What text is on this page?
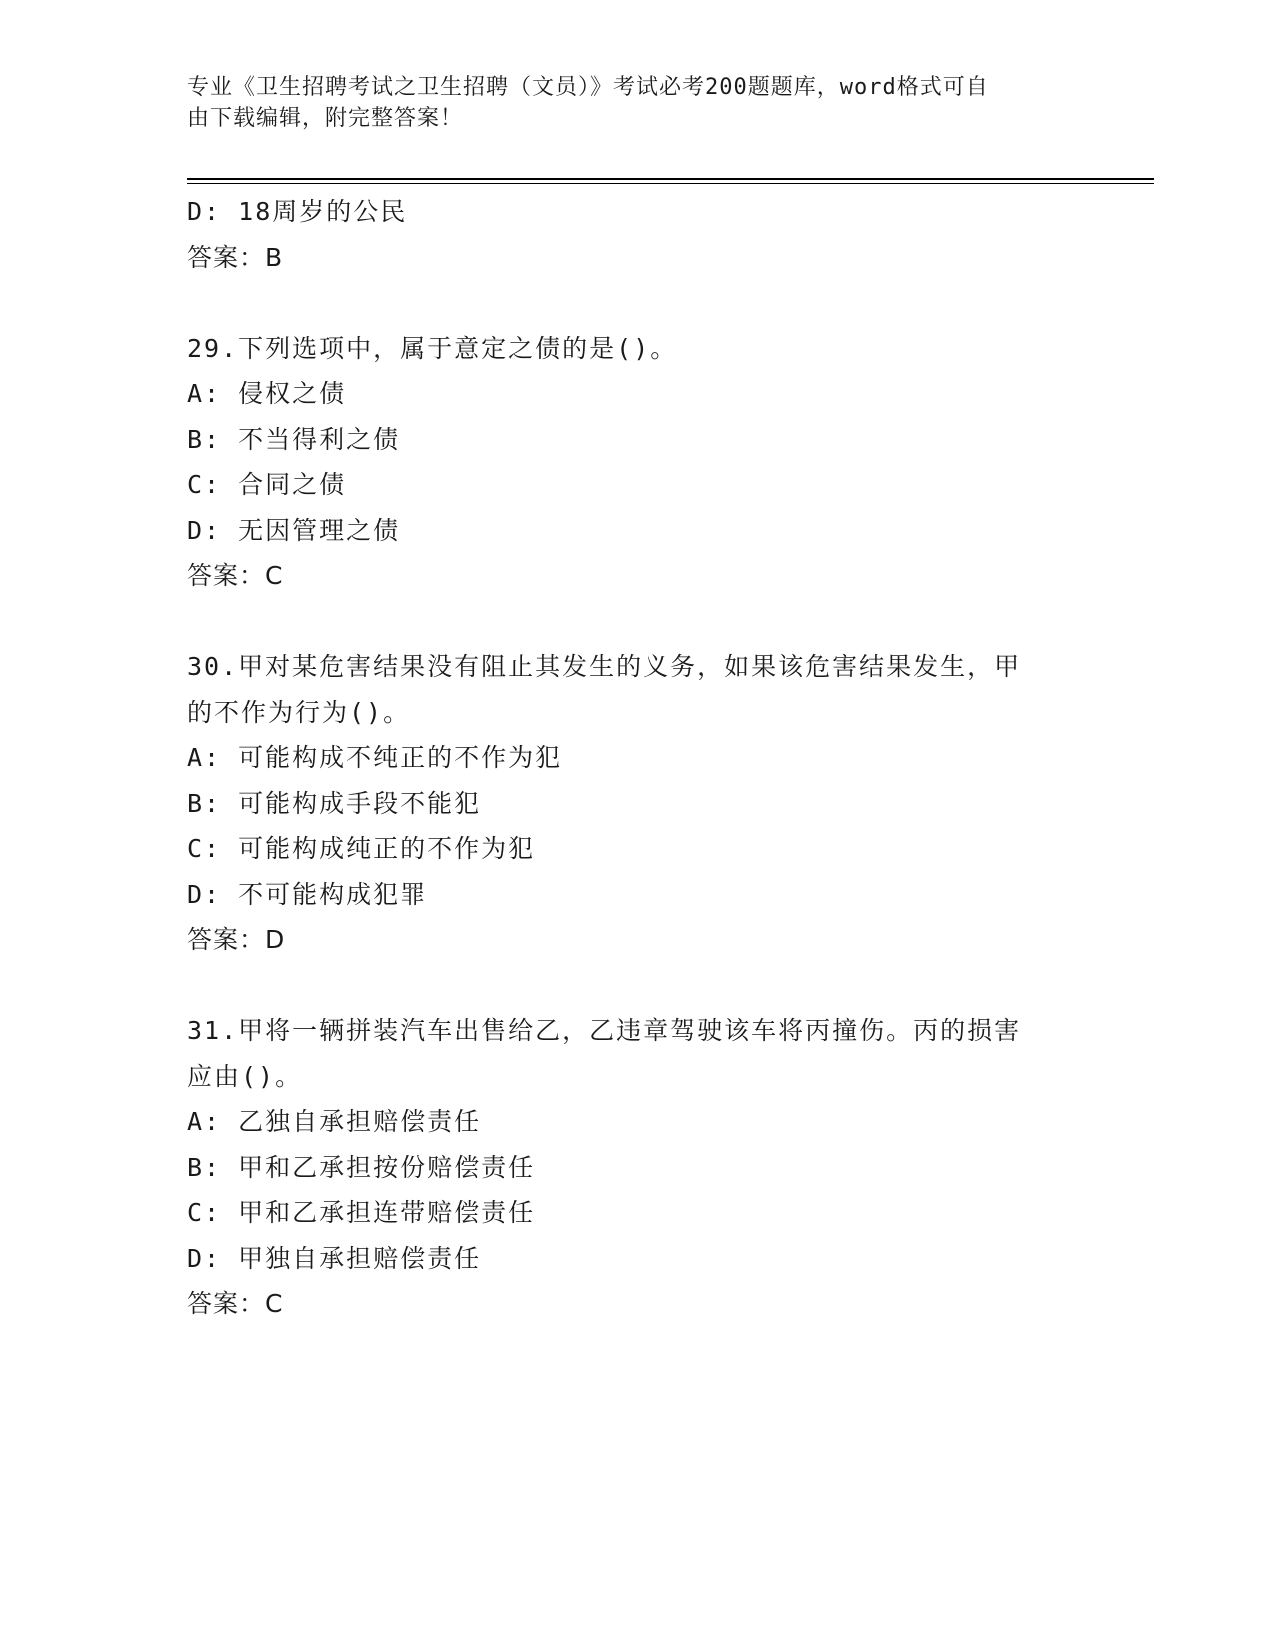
专业《卫生招聘考试之卫生招聘（文员）》考试必考200题题库，word格式可自
由下载编辑，附完整答案！
D: 18周岁的公民
答案：B
29.下列选项中，属于意定之债的是()。
A: 侵权之债
B: 不当得利之债
C: 合同之债
D: 无因管理之债
答案：C
30.甲对某危害结果没有阻止其发生的义务，如果该危害结果发生，甲
的不作为行为()。
A: 可能构成不纯正的不作为犯
B: 可能构成手段不能犯
C: 可能构成纯正的不作为犯
D: 不可能构成犯罪
答案：D
31.甲将一辆拼装汽车出售给乙，乙违章驾驶该车将丙撞伤。丙的损害
应由()。
A: 乙独自承担赔偿责任
B: 甲和乙承担按份赔偿责任
C: 甲和乙承担连带赔偿责任
D: 甲独自承担赔偿责任
答案：C
